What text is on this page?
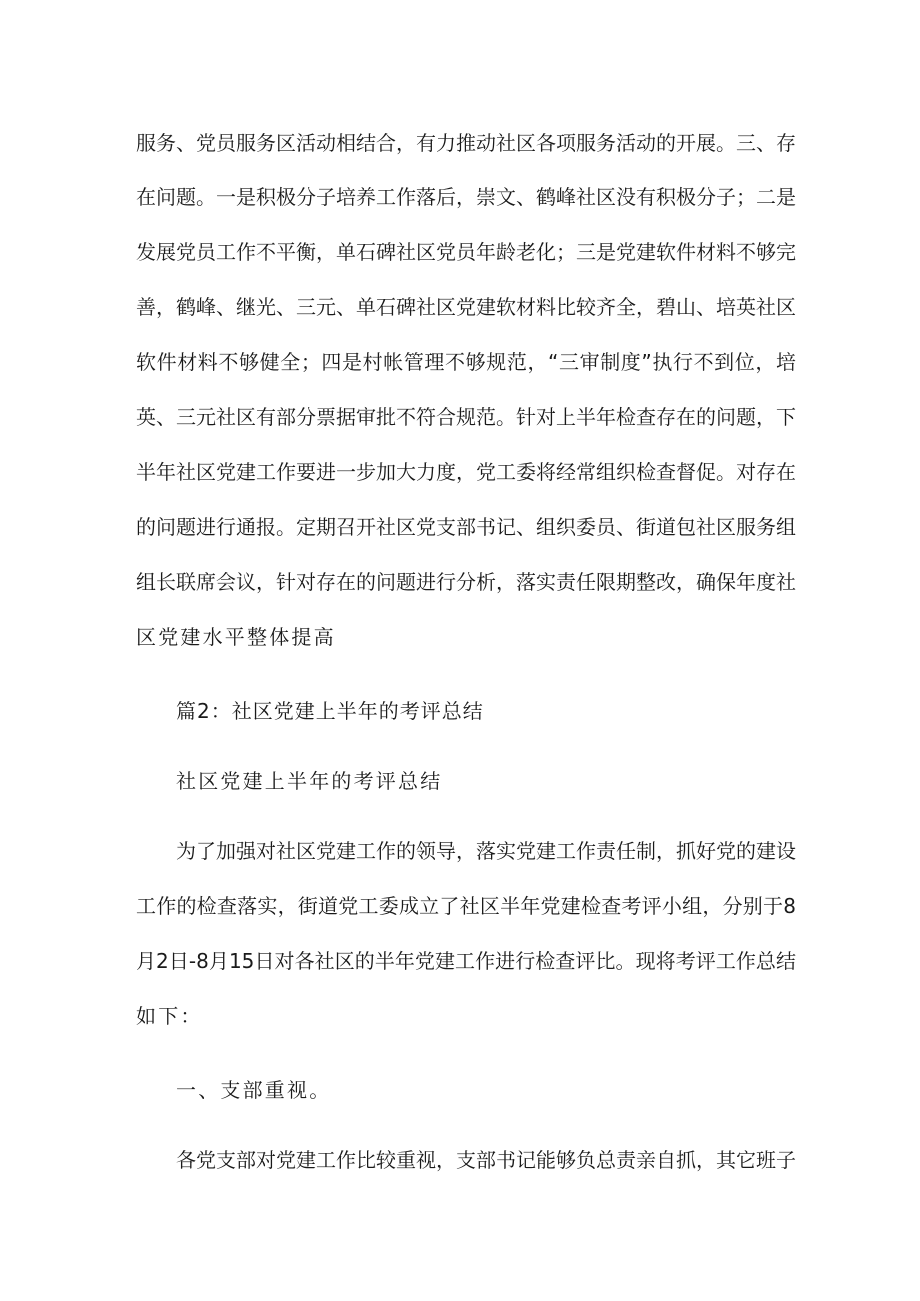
服务、党员服务区活动相结合，有力推动社区各项服务活动的开展。三、存
在问题。一是积极分子培养工作落后，崇文、鹤峰社区没有积极分子；二是
发展党员工作不平衡，单石碑社区党员年龄老化；三是党建软件材料不够完
善，鹤峰、继光、三元、单石碑社区党建软材料比较齐全，碧山、培英社区
软件材料不够健全；四是村帐管理不够规范，“三审制度”执行不到位，培
英、三元社区有部分票据审批不符合规范。针对上半年检查存在的问题，下
半年社区党建工作要进一步加大力度，党工委将经常组织检查督促。对存在
的问题进行通报。定期召开社区党支部书记、组织委员、街道包社区服务组
组长联席会议，针对存在的问题进行分析，落实责任限期整改，确保年度社
区党建水平整体提高
篇2：社区党建上半年的考评总结
社区党建上半年的考评总结
为了加强对社区党建工作的领导，落实党建工作责任制，抓好党的建设
工作的检查落实，街道党工委成立了社区半年党建检查考评小组，分别于8
月2日-8月15日对各社区的半年党建工作进行检查评比。现将考评工作总结
如下：
一、支部重视。
各党支部对党建工作比较重视，支部书记能够负总责亲自抓，其它班子
